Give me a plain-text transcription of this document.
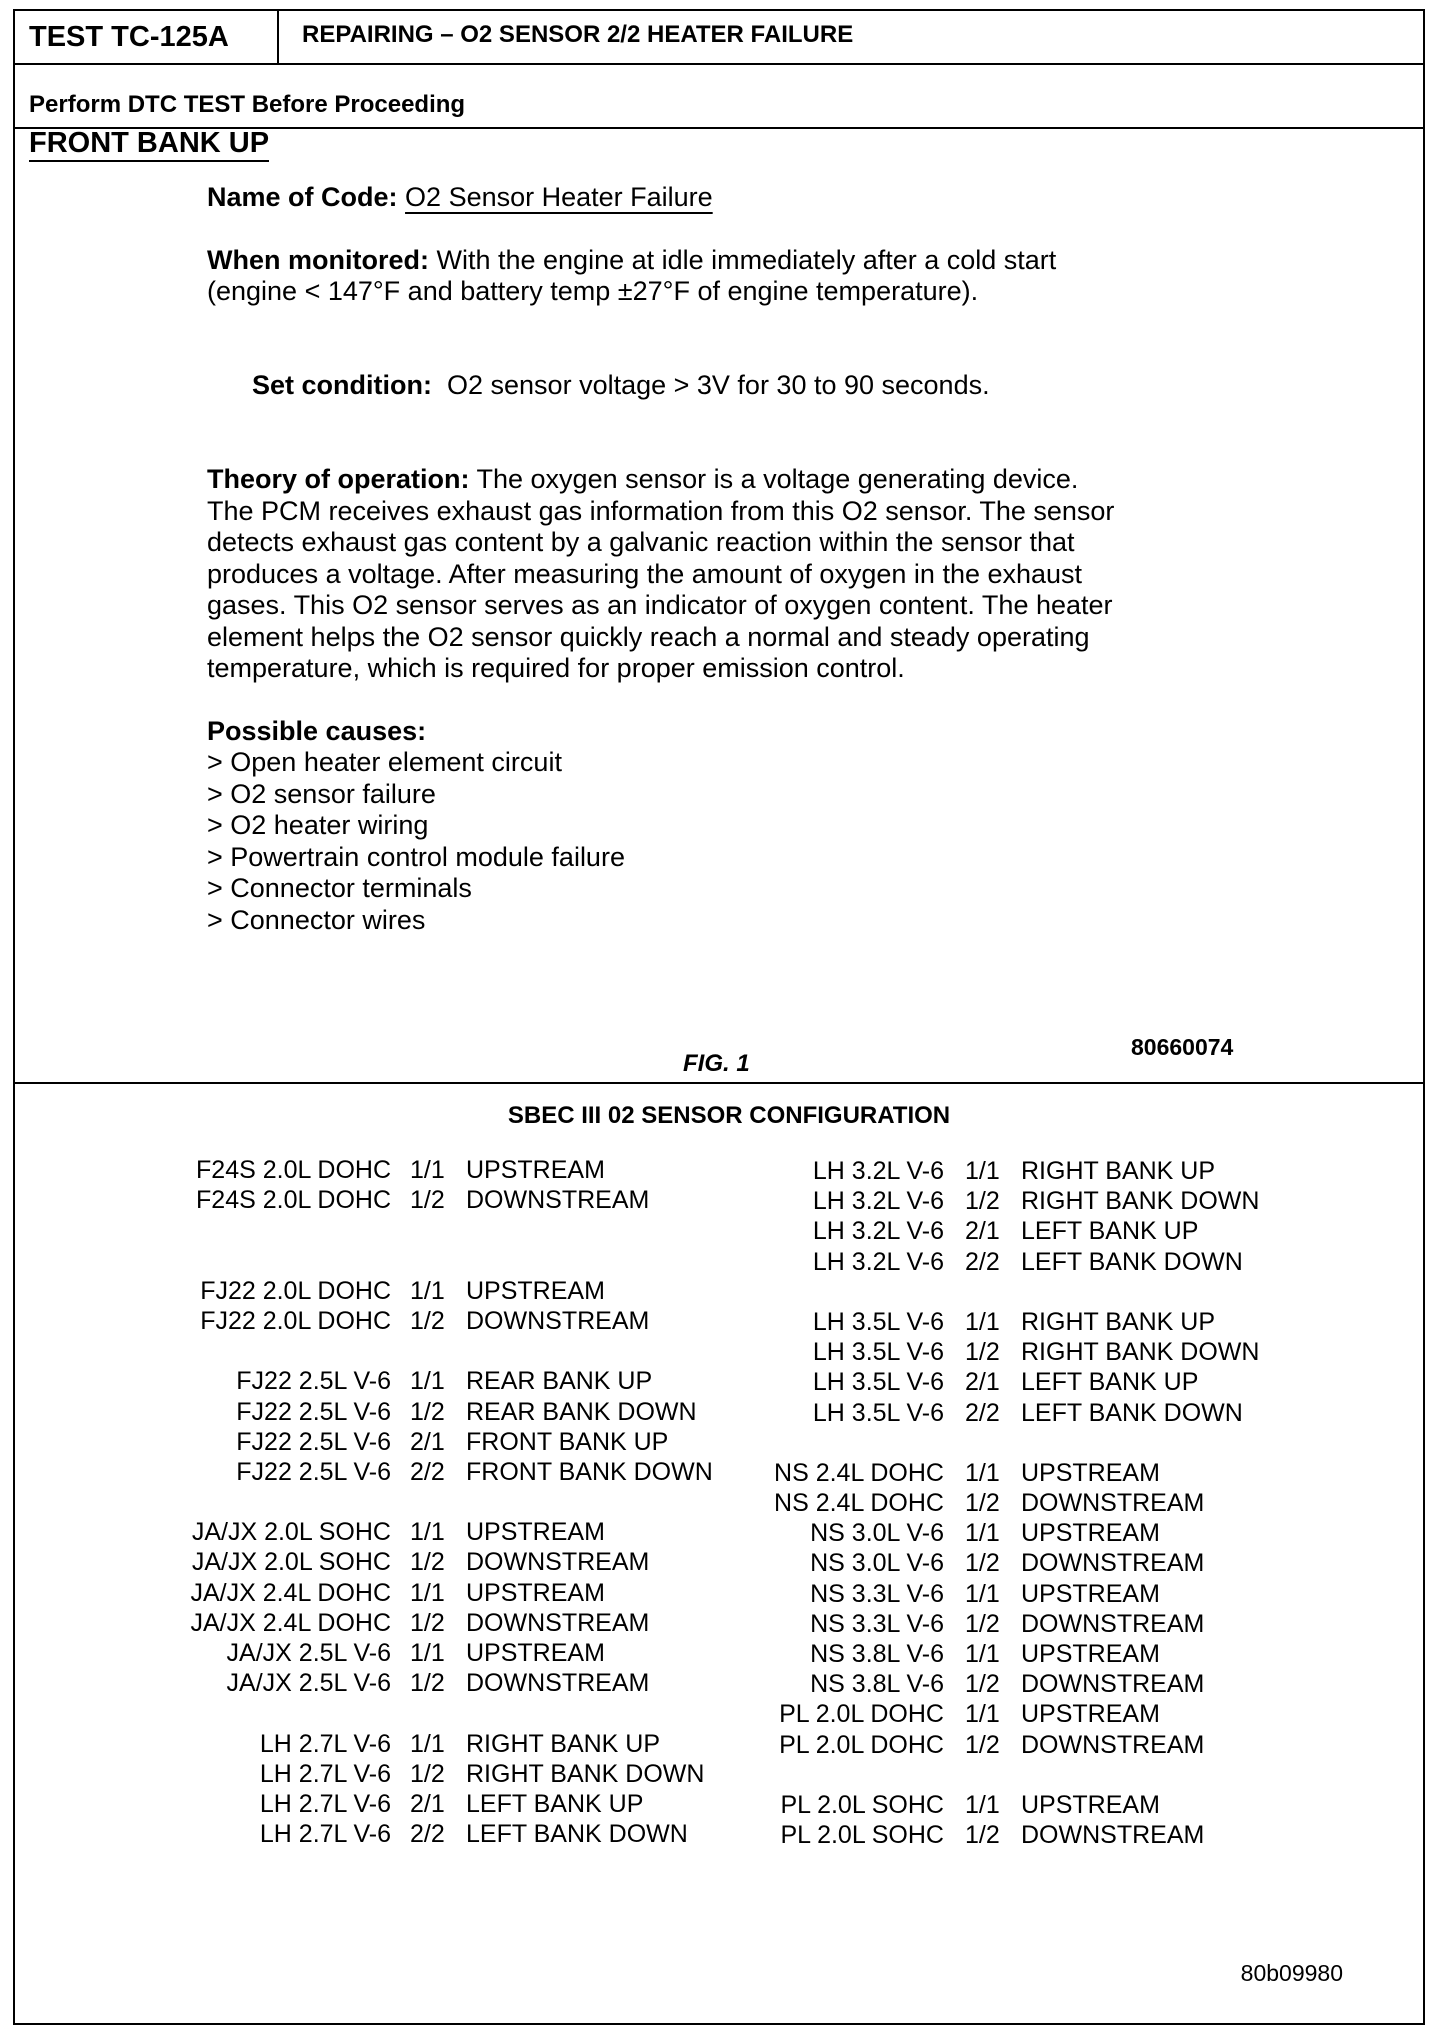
TEST TC-125A	REPAIRING – O2 SENSOR 2/2 HEATER FAILURE
Perform DTC TEST Before Proceeding
FRONT BANK UP

Name of Code: O2 Sensor Heater Failure

When monitored: With the engine at idle immediately after a cold start
(engine < 147°F and battery temp ±27°F of engine temperature).

Set condition:  O2 sensor voltage > 3V for 30 to 90 seconds.

Theory of operation: The oxygen sensor is a voltage generating device.
The PCM receives exhaust gas information from this O2 sensor. The sensor
detects exhaust gas content by a galvanic reaction within the sensor that
produces a voltage. After measuring the amount of oxygen in the exhaust
gases. This O2 sensor serves as an indicator of oxygen content. The heater
element helps the O2 sensor quickly reach a normal and steady operating
temperature, which is required for proper emission control.

Possible causes:
> Open heater element circuit
> O2 sensor failure
> O2 heater wiring
> Powertrain control module failure
> Connector terminals
> Connector wires

FIG. 1
80660074
SBEC III 02 SENSOR CONFIGURATION
F24S 2.0L DOHC 1/1 UPSTREAM
F24S 2.0L DOHC 1/2 DOWNSTREAM
FJ22 2.0L DOHC 1/1 UPSTREAM
FJ22 2.0L DOHC 1/2 DOWNSTREAM
FJ22 2.5L V-6 1/1 REAR BANK UP
FJ22 2.5L V-6 1/2 REAR BANK DOWN
FJ22 2.5L V-6 2/1 FRONT BANK UP
FJ22 2.5L V-6 2/2 FRONT BANK DOWN
JA/JX 2.0L SOHC 1/1 UPSTREAM
JA/JX 2.0L SOHC 1/2 DOWNSTREAM
JA/JX 2.4L DOHC 1/1 UPSTREAM
JA/JX 2.4L DOHC 1/2 DOWNSTREAM
JA/JX 2.5L V-6 1/1 UPSTREAM
JA/JX 2.5L V-6 1/2 DOWNSTREAM
LH 2.7L V-6 1/1 RIGHT BANK UP
LH 2.7L V-6 1/2 RIGHT BANK DOWN
LH 2.7L V-6 2/1 LEFT BANK UP
LH 2.7L V-6 2/2 LEFT BANK DOWN
LH 3.2L V-6 1/1 RIGHT BANK UP
LH 3.2L V-6 1/2 RIGHT BANK DOWN
LH 3.2L V-6 2/1 LEFT BANK UP
LH 3.2L V-6 2/2 LEFT BANK DOWN
LH 3.5L V-6 1/1 RIGHT BANK UP
LH 3.5L V-6 1/2 RIGHT BANK DOWN
LH 3.5L V-6 2/1 LEFT BANK UP
LH 3.5L V-6 2/2 LEFT BANK DOWN
NS 2.4L DOHC 1/1 UPSTREAM
NS 2.4L DOHC 1/2 DOWNSTREAM
NS 3.0L V-6 1/1 UPSTREAM
NS 3.0L V-6 1/2 DOWNSTREAM
NS 3.3L V-6 1/1 UPSTREAM
NS 3.3L V-6 1/2 DOWNSTREAM
NS 3.8L V-6 1/1 UPSTREAM
NS 3.8L V-6 1/2 DOWNSTREAM
PL 2.0L DOHC 1/1 UPSTREAM
PL 2.0L DOHC 1/2 DOWNSTREAM
PL 2.0L SOHC 1/1 UPSTREAM
PL 2.0L SOHC 1/2 DOWNSTREAM
80b09980
